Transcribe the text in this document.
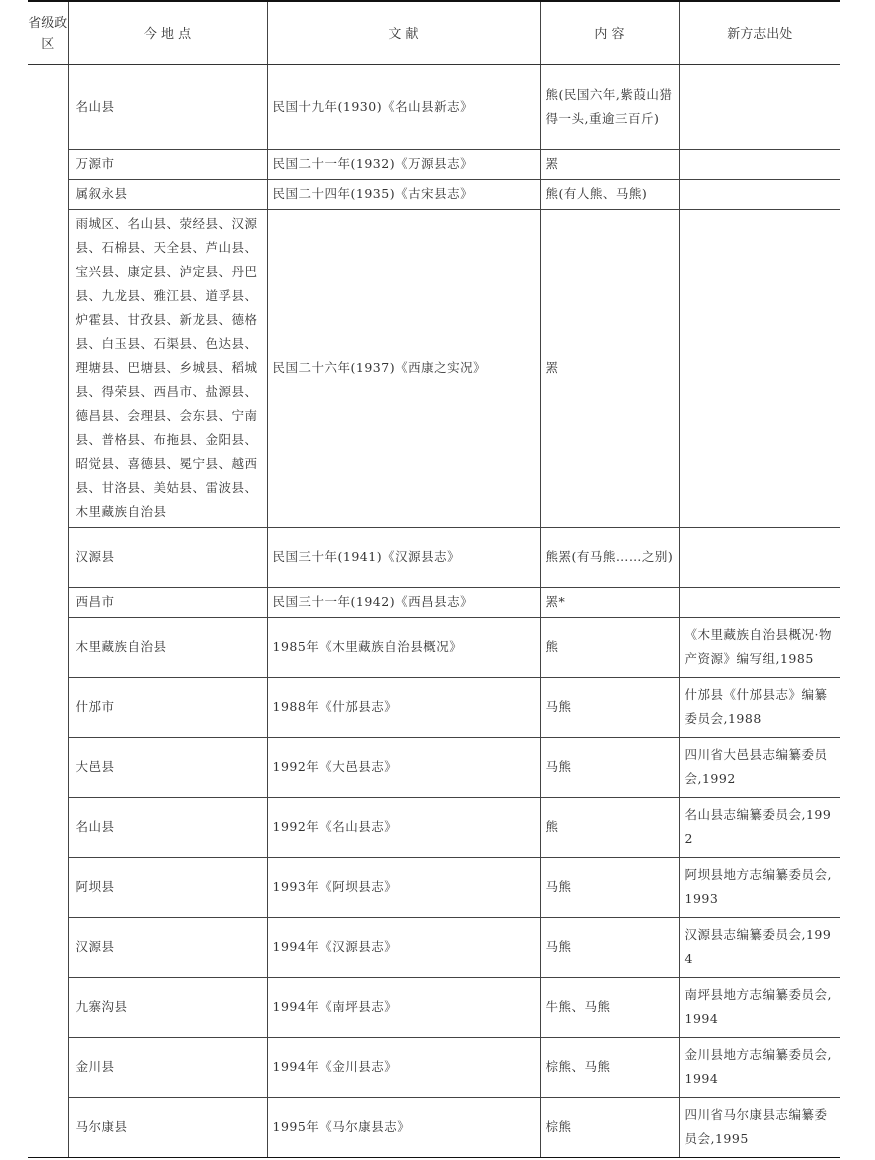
省级政区	今 地 点	文 献	内 容	新方志出处
	名山县	民国十九年(1930)《名山县新志》	熊(民国六年,紫葭山猎得一头,重逾三百斤)	
	万源市	民国二十一年(1932)《万源县志》	罴	
	属叙永县	民国二十四年(1935)《古宋县志》	熊(有人熊、马熊)	
	雨城区、名山县、荥经县、汉源县、石棉县、天全县、芦山县、宝兴县、康定县、泸定县、丹巴县、九龙县、雅江县、道孚县、炉霍县、甘孜县、新龙县、德格县、白玉县、石渠县、色达县、理塘县、巴塘县、乡城县、稻城县、得荣县、西昌市、盐源县、德昌县、会理县、会东县、宁南县、普格县、布拖县、金阳县、昭觉县、喜德县、冕宁县、越西县、甘洛县、美姑县、雷波县、木里藏族自治县	民国二十六年(1937)《西康之实况》	罴	
	汉源县	民国三十年(1941)《汉源县志》	熊罴(有马熊……之别)	
	西昌市	民国三十一年(1942)《西昌县志》	罴*	
	木里藏族自治县	1985年《木里藏族自治县概况》	熊	《木里藏族自治县概况·物产资源》编写组,1985
	什邡市	1988年《什邡县志》	马熊	什邡县《什邡县志》编纂委员会,1988
	大邑县	1992年《大邑县志》	马熊	四川省大邑县志编纂委员会,1992
	名山县	1992年《名山县志》	熊	名山县志编纂委员会,1992
	阿坝县	1993年《阿坝县志》	马熊	阿坝县地方志编纂委员会,1993
	汉源县	1994年《汉源县志》	马熊	汉源县志编纂委员会,1994
	九寨沟县	1994年《南坪县志》	牛熊、马熊	南坪县地方志编纂委员会,1994
	金川县	1994年《金川县志》	棕熊、马熊	金川县地方志编纂委员会,1994
	马尔康县	1995年《马尔康县志》	棕熊	四川省马尔康县志编纂委员会,1995
